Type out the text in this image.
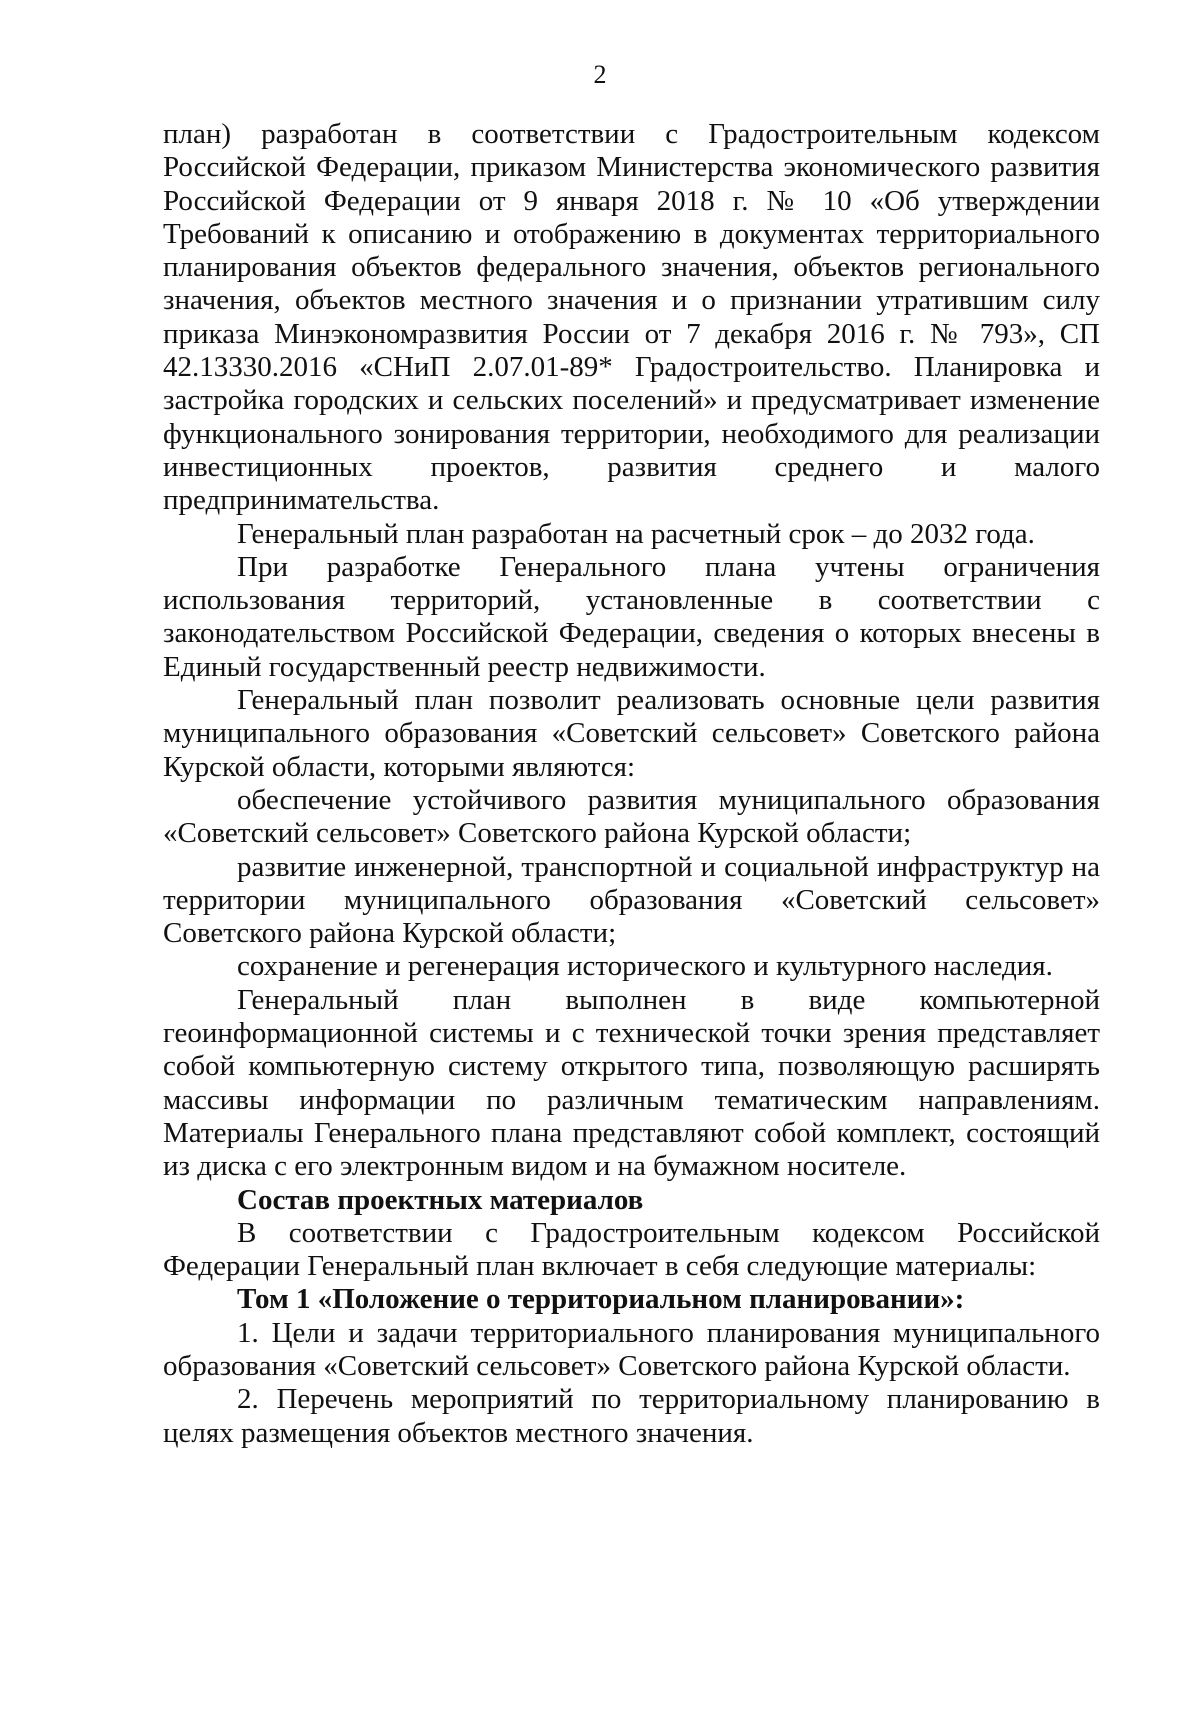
2

план) разработан в соответствии с Градостроительным кодексом Российской Федерации, приказом Министерства экономического развития Российской Федерации от 9 января 2018 г. № 10 «Об утверждении Требований к описанию и отображению в документах территориального планирования объектов федерального значения, объектов регионального значения, объектов местного значения и о признании утратившим силу приказа Минэкономразвития России от 7 декабря 2016 г. № 793», СП 42.13330.2016 «СНиП 2.07.01-89* Градостроительство. Планировка и застройка городских и сельских поселений» и предусматривает изменение функционального зонирования территории, необходимого для реализации инвестиционных проектов, развития среднего и малого предпринимательства.

Генеральный план разработан на расчетный срок – до 2032 года.

При разработке Генерального плана учтены ограничения использования территорий, установленные в соответствии с законодательством Российской Федерации, сведения о которых внесены в Единый государственный реестр недвижимости.

Генеральный план позволит реализовать основные цели развития муниципального образования «Советский сельсовет» Советского района Курской области, которыми являются:

обеспечение устойчивого развития муниципального образования «Советский сельсовет» Советского района Курской области;

развитие инженерной, транспортной и социальной инфраструктур на территории муниципального образования «Советский сельсовет» Советского района Курской области;

сохранение и регенерация исторического и культурного наследия.

Генеральный план выполнен в виде компьютерной геоинформационной системы и с технической точки зрения представляет собой компьютерную систему открытого типа, позволяющую расширять массивы информации по различным тематическим направлениям. Материалы Генерального плана представляют собой комплект, состоящий из диска с его электронным видом и на бумажном носителе.

Состав проектных материалов

В соответствии с Градостроительным кодексом Российской Федерации Генеральный план включает в себя следующие материалы:

Том 1 «Положение о территориальном планировании»:

1. Цели и задачи территориального планирования муниципального образования «Советский сельсовет» Советского района Курской области.

2. Перечень мероприятий по территориальному планированию в целях размещения объектов местного значения.
